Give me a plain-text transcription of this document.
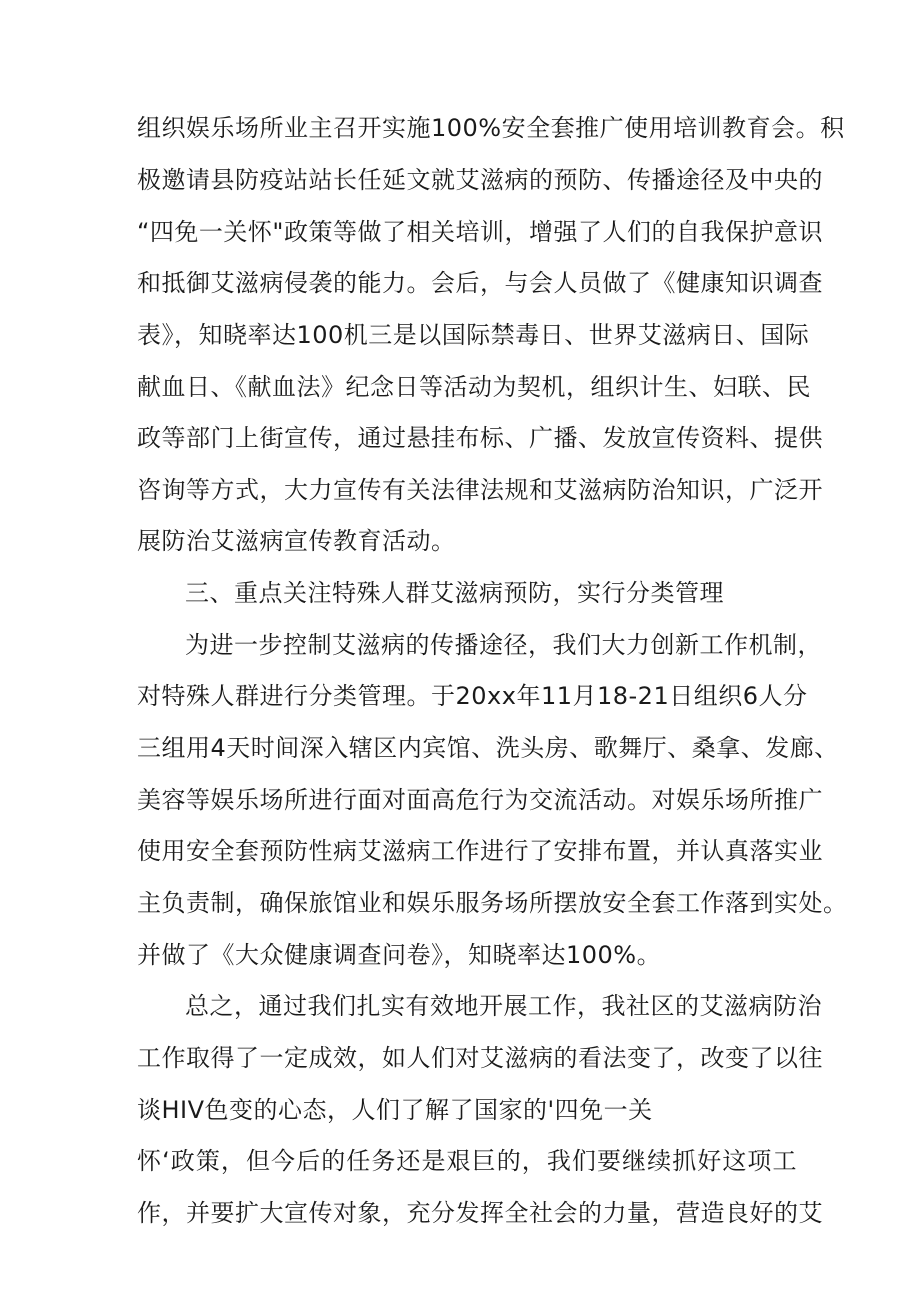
组织娱乐场所业主召开实施100%安全套推广使用培训教育会。积
极邀请县防疫站站长任延文就艾滋病的预防、传播途径及中央的
“四免一关怀"政策等做了相关培训，增强了人们的自我保护意识
和抵御艾滋病侵袭的能力。会后，与会人员做了《健康知识调查
表》，知晓率达100机三是以国际禁毒日、世界艾滋病日、国际
献血日、《献血法》纪念日等活动为契机，组织计生、妇联、民
政等部门上街宣传，通过悬挂布标、广播、发放宣传资料、提供
咨询等方式，大力宣传有关法律法规和艾滋病防治知识，广泛开
展防治艾滋病宣传教育活动。
三、重点关注特殊人群艾滋病预防，实行分类管理
为进一步控制艾滋病的传播途径，我们大力创新工作机制，
对特殊人群进行分类管理。于20xx年11月18-21日组织6人分
三组用4天时间深入辖区内宾馆、洗头房、歌舞厅、桑拿、发廊、
美容等娱乐场所进行面对面高危行为交流活动。对娱乐场所推广
使用安全套预防性病艾滋病工作进行了安排布置，并认真落实业
主负责制，确保旅馆业和娱乐服务场所摆放安全套工作落到实处。
并做了《大众健康调查问卷》，知晓率达100%。
总之，通过我们扎实有效地开展工作，我社区的艾滋病防治
工作取得了一定成效，如人们对艾滋病的看法变了，改变了以往
谈HIV色变的心态，人们了解了国家的'四免一关
怀‘政策，但今后的任务还是艰巨的，我们要继续抓好这项工
作，并要扩大宣传对象，充分发挥全社会的力量，营造良好的艾
